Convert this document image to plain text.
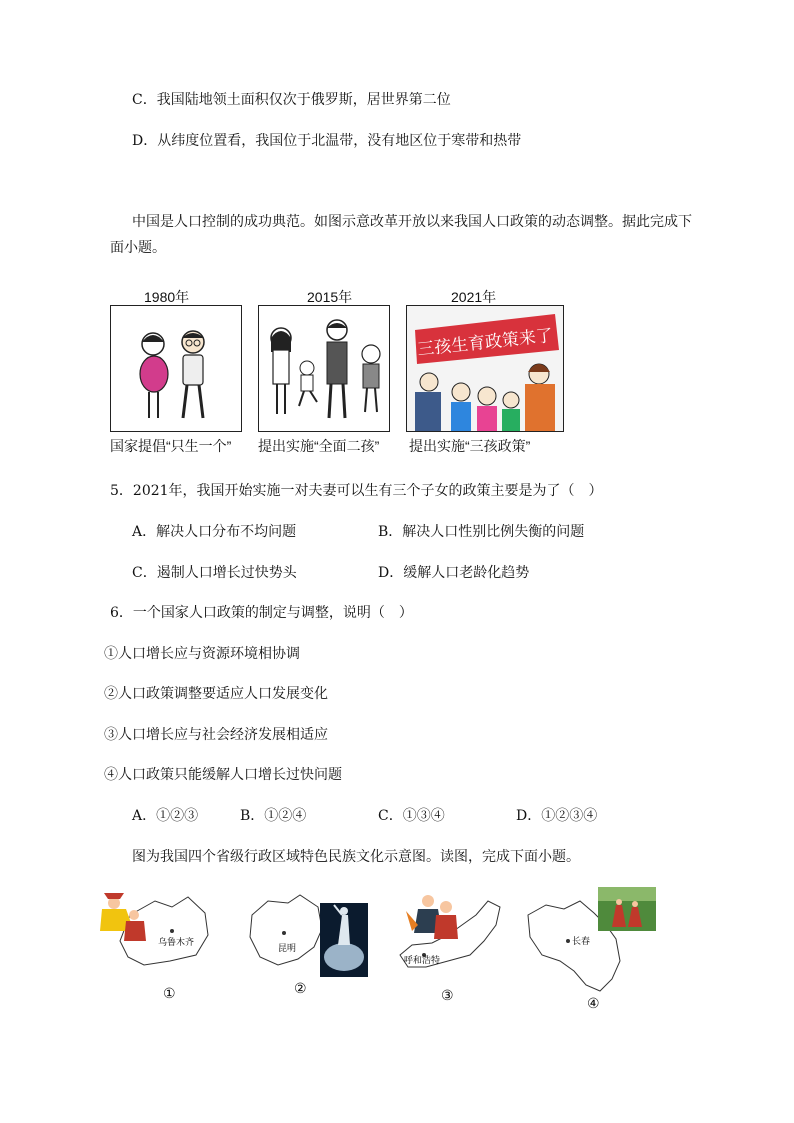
C．我国陆地领土面积仅次于俄罗斯，居世界第二位
D．从纬度位置看，我国位于北温带，没有地区位于寒带和热带
中国是人口控制的成功典范。如图示意改革开放以来我国人口政策的动态调整。据此完成下
面小题。
1980年	2015年	2021年
三孩生育政策来了
国家提倡“只生一个” 提出实施“全面二孩” 提出实施“三孩政策”
5．2021年，我国开始实施一对夫妻可以生有三个子女的政策主要是为了（　）
A．解决人口分布不均问题	B．解决人口性别比例失衡的问题
C．遏制人口增长过快势头	D．缓解人口老龄化趋势
6．一个国家人口政策的制定与调整，说明（　）
①人口增长应与资源环境相协调
②人口政策调整要适应人口发展变化
③人口增长应与社会经济发展相适应
④人口政策只能缓解人口增长过快问题
A．①②③	B．①②④	C．①③④	D．①②③④
图为我国四个省级行政区域特色民族文化示意图。读图，完成下面小题。
乌鲁木齐
①
昆明
②
呼和浩特
③
长春
④
